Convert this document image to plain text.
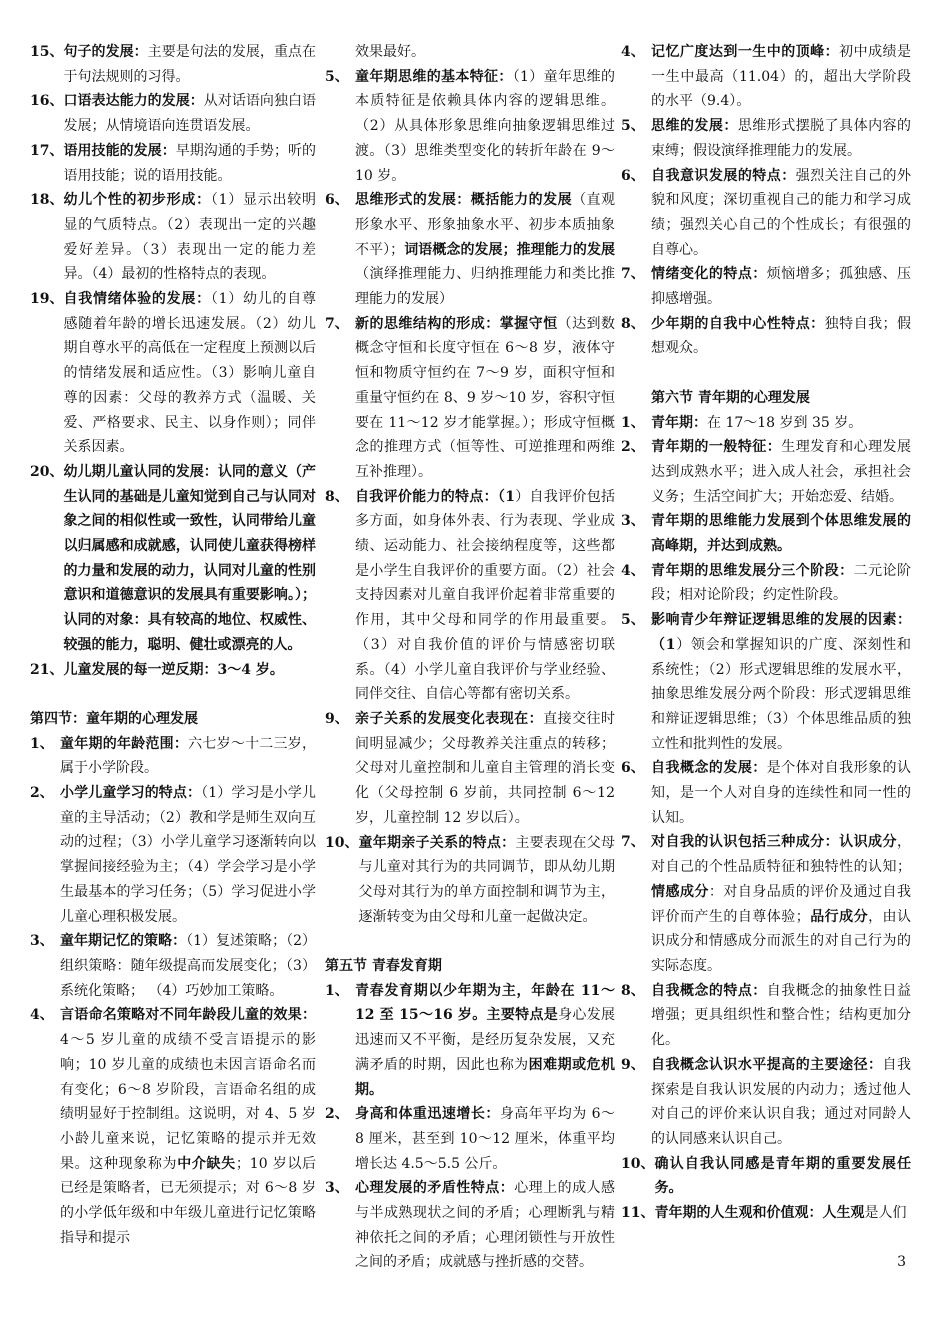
15、 句子的发展：主要是句法的发展，重点在于句法规则的习得。
16、 口语表达能力的发展：从对话语向独白语发展；从情境语向连贯语发展。
17、 语用技能的发展：早期沟通的手势；听的语用技能；说的语用技能。
18、 幼儿个性的初步形成：（1）显示出较明显的气质特点。（2）表现出一定的兴趣爱好差异。（3）表现出一定的能力差异。（4）最初的性格特点的表现。
19、 自我情绪体验的发展：（1）幼儿的自尊感随着年龄的增长迅速发展。（2）幼儿期自尊水平的高低在一定程度上预测以后的情绪发展和适应性。（3）影响儿童自尊的因素：父母的教养方式（温暖、关爱、严格要求、民主、以身作则）；同伴关系因素。
20、 幼儿期儿童认同的发展：认同的意义（产生认同的基础是儿童知觉到自己与认同对象之间的相似性或一致性，认同带给儿童以归属感和成就感，认同使儿童获得榜样的力量和发展的动力，认同对儿童的性别意识和道德意识的发展具有重要影响。）；认同的对象：具有较高的地位、权威性、较强的能力，聪明、健壮或漂亮的人。
21、 儿童发展的每一逆反期：3～4 岁。
第四节：童年期的心理发展
1、 童年期的年龄范围：六七岁～十二三岁，属于小学阶段。
2、 小学儿童学习的特点：（1）学习是小学儿童的主导活动；（2）教和学是师生双向互动的过程；（3）小学儿童学习逐渐转向以掌握间接经验为主；（4）学会学习是小学生最基本的学习任务；（5）学习促进小学儿童心理积极发展。
3、 童年期记忆的策略：（1）复述策略；（2）组织策略：随年级提高而发展变化；（3）系统化策略； （4）巧妙加工策略。
4、 言语命名策略对不同年龄段儿童的效果：4～5 岁儿童的成绩不受言语提示的影响；10 岁儿童的成绩也未因言语命名而有变化；6～8 岁阶段，言语命名组的成绩明显好于控制组。这说明，对 4、5 岁小龄儿童来说，记忆策略的提示并无效果。这种现象称为中介缺失；10 岁以后已经是策略者，已无须提示；对 6～8 岁的小学低年级和中年级儿童进行记忆策略指导和提示
效果最好。
5、 童年期思维的基本特征：（1）童年思维的本质特征是依赖具体内容的逻辑思维。（2）从具体形象思维向抽象逻辑思维过渡。（3）思维类型变化的转折年龄在 9～10 岁。
6、 思维形式的发展：概括能力的发展（直观形象水平、形象抽象水平、初步本质抽象不平）；词语概念的发展；推理能力的发展（演绎推理能力、归纳推理能力和类比推理能力的发展）
7、 新的思维结构的形成：掌握守恒（达到数概念守恒和长度守恒在 6～8 岁，液体守恒和物质守恒约在 7～9 岁，面积守恒和重量守恒约在 8、9 岁～10 岁，容积守恒要在 11～12 岁才能掌握。）；形成守恒概念的推理方式（恒等性、可逆推理和两维互补推理）。
8、 自我评价能力的特点：（1）自我评价包括多方面，如身体外表、行为表现、学业成绩、运动能力、社会接纳程度等，这些都是小学生自我评价的重要方面。（2）社会支持因素对儿童自我评价起着非常重要的作用，其中父母和同学的作用最重要。（3）对自我价值的评价与情感密切联系。（4）小学儿童自我评价与学业经验、同伴交往、自信心等都有密切关系。
9、 亲子关系的发展变化表现在：直接交往时间明显减少；父母教养关注重点的转移；父母对儿童控制和儿童自主管理的消长变化（父母控制 6 岁前，共同控制 6～12 岁，儿童控制 12 岁以后）。
10、 童年期亲子关系的特点：主要表现在父母与儿童对其行为的共同调节，即从幼儿期父母对其行为的单方面控制和调节为主，逐渐转变为由父母和儿童一起做决定。
第五节 青春发育期
1、 青春发育期以少年期为主，年龄在 11～12 至 15～16 岁。主要特点是身心发展迅速而又不平衡，是经历复杂发展，又充满矛盾的时期，因此也称为困难期或危机期。
2、 身高和体重迅速增长：身高年平均为 6～8 厘米，甚至到 10～12 厘米，体重平均增长达 4.5～5.5 公斤。
3、 心理发展的矛盾性特点：心理上的成人感与半成熟现状之间的矛盾；心理断乳与精神依托之间的矛盾；心理闭锁性与开放性之间的矛盾；成就感与挫折感的交替。
4、 记忆广度达到一生中的顶峰：初中成绩是一生中最高（11.04）的，超出大学阶段的水平（9.4）。
5、 思维的发展：思维形式摆脱了具体内容的束缚；假设演绎推理能力的发展。
6、 自我意识发展的特点：强烈关注自己的外貌和风度；深切重视自己的能力和学习成绩；强烈关心自己的个性成长；有很强的自尊心。
7、 情绪变化的特点：烦恼增多；孤独感、压抑感增强。
8、 少年期的自我中心性特点：独特自我；假想观众。
第六节 青年期的心理发展
1、 青年期：在 17～18 岁到 35 岁。
2、 青年期的一般特征：生理发育和心理发展达到成熟水平；进入成人社会，承担社会义务；生活空间扩大；开始恋爱、结婚。
3、 青年期的思维能力发展到个体思维发展的高峰期，并达到成熟。
4、 青年期的思维发展分三个阶段：二元论阶段；相对论阶段；约定性阶段。
5、 影响青少年辩证逻辑思维的发展的因素：（1）领会和掌握知识的广度、深刻性和系统性；（2）形式逻辑思维的发展水平，抽象思维发展分两个阶段：形式逻辑思维和辩证逻辑思维；（3）个体思维品质的独立性和批判性的发展。
6、 自我概念的发展：是个体对自我形象的认知，是一个人对自身的连续性和同一性的认知。
7、 对自我的认识包括三种成分：认识成分，对自己的个性品质特征和独特性的认知；情感成分：对自身品质的评价及通过自我评价而产生的自尊体验；品行成分，由认识成分和情感成分而派生的对自己行为的实际态度。
8、 自我概念的特点：自我概念的抽象性日益增强；更具组织性和整合性；结构更加分化。
9、 自我概念认识水平提高的主要途径：自我探索是自我认识发展的内动力；透过他人对自己的评价来认识自我；通过对同龄人的认同感来认识自己。
10、 确认自我认同感是青年期的重要发展任务。
11、 青年期的人生观和价值观：人生观是人们
3
